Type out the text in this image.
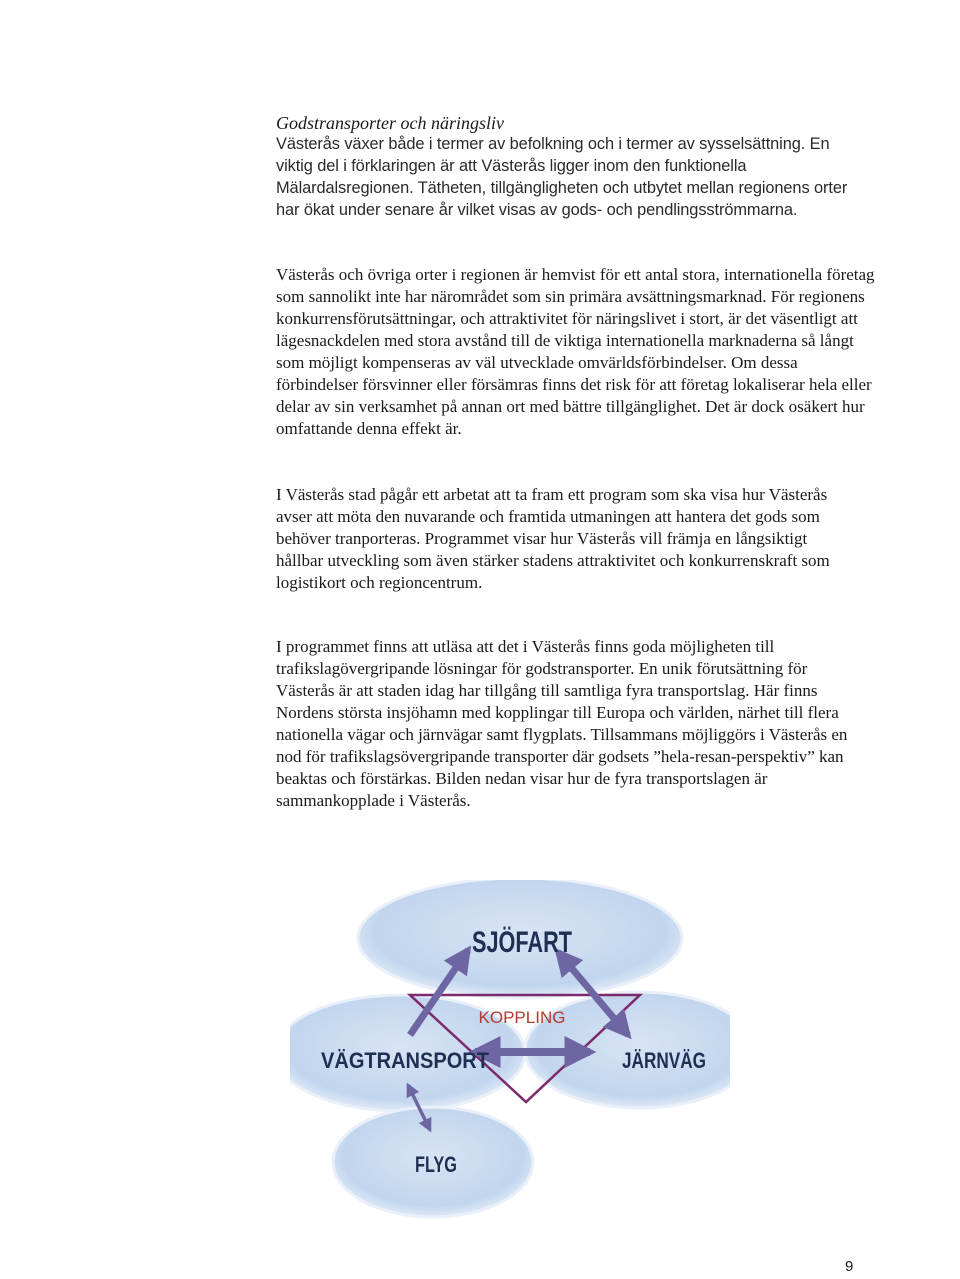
Godstransporter och näringsliv

Västerås växer både i termer av befolkning och i termer av sysselsättning. En viktig del i förklaringen är att Västerås ligger inom den funktionella Mälardalsregionen. Tätheten, tillgängligheten och utbytet mellan regionens orter har ökat under senare år vilket visas av gods- och pendlingsströmmarna.

Västerås och övriga orter i regionen är hemvist för ett antal stora, internationella företag som sannolikt inte har närområdet som sin primära avsättningsmarknad. För regionens konkurrensförutsättningar, och attraktivitet för näringslivet i stort, är det väsentligt att lägesnackdelen med stora avstånd till de viktiga internationella marknaderna så långt som möjligt kompenseras av väl utvecklade omvärldsförbindelser. Om dessa förbindelser försvinner eller försämras finns det risk för att företag lokaliserar hela eller delar av sin verksamhet på annan ort med bättre tillgänglighet. Det är dock osäkert hur omfattande denna effekt är.

I Västerås stad pågår ett arbetat att ta fram ett program som ska visa hur Västerås avser att möta den nuvarande och framtida utmaningen att hantera det gods som behöver tranporteras. Programmet visar hur Västerås vill främja en långsiktigt hållbar utveckling som även stärker stadens attraktivitet och konkurrenskraft som logistikort och regioncentrum.

I programmet finns att utläsa att det i Västerås finns goda möjligheten till trafikslagövergripande lösningar för godstransporter. En unik förutsättning för Västerås är att staden idag har tillgång till samtliga fyra transportslag. Här finns Nordens största insjöhamn med kopplingar till Europa och världen, närhet till flera nationella vägar och järnvägar samt flygplats. Tillsammans möjliggörs i Västerås en nod för trafikslagsövergripande transporter där godsets ”hela-resan-perspektiv” kan beaktas och förstärkas. Bilden nedan visar hur de fyra transportslagen är sammankopplade i Västerås.

SJÖFART
KOPPLING
VÄGTRANSPORT	JÄRNVÄG
FLYG
9
